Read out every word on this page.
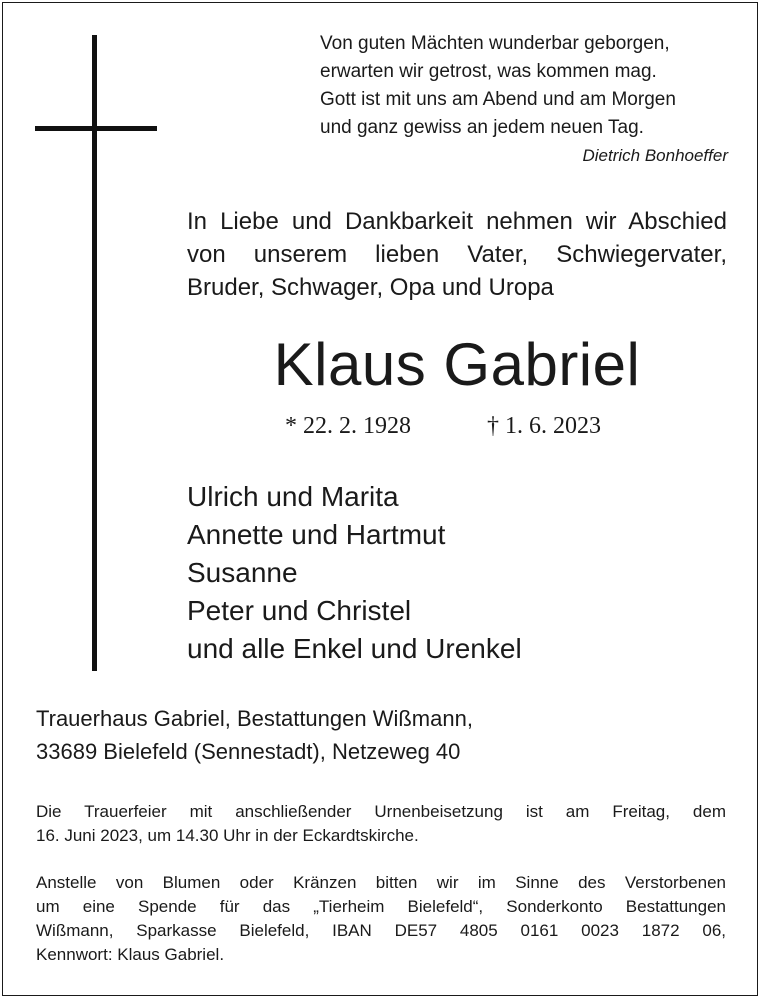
Von guten Mächten wunderbar geborgen,
erwarten wir getrost, was kommen mag.
Gott ist mit uns am Abend und am Morgen
und ganz gewiss an jedem neuen Tag.
Dietrich Bonhoeffer
In Liebe und Dankbarkeit nehmen wir Abschied
von unserem lieben Vater, Schwiegervater,
Bruder, Schwager, Opa und Uropa
Klaus Gabriel
* 22. 2. 1928	† 1. 6. 2023
Ulrich und Marita
Annette und Hartmut
Susanne
Peter und Christel
und alle Enkel und Urenkel
Trauerhaus Gabriel, Bestattungen Wißmann,
33689 Bielefeld (Sennestadt), Netzeweg 40
Die Trauerfeier mit anschließender Urnenbeisetzung ist am Freitag, dem
16. Juni 2023, um 14.30 Uhr in der Eckardtskirche.
Anstelle von Blumen oder Kränzen bitten wir im Sinne des Verstorbenen
um eine Spende für das „Tierheim Bielefeld“, Sonderkonto Bestattungen
Wißmann, Sparkasse Bielefeld, IBAN DE57 4805 0161 0023 1872 06,
Kennwort: Klaus Gabriel.
